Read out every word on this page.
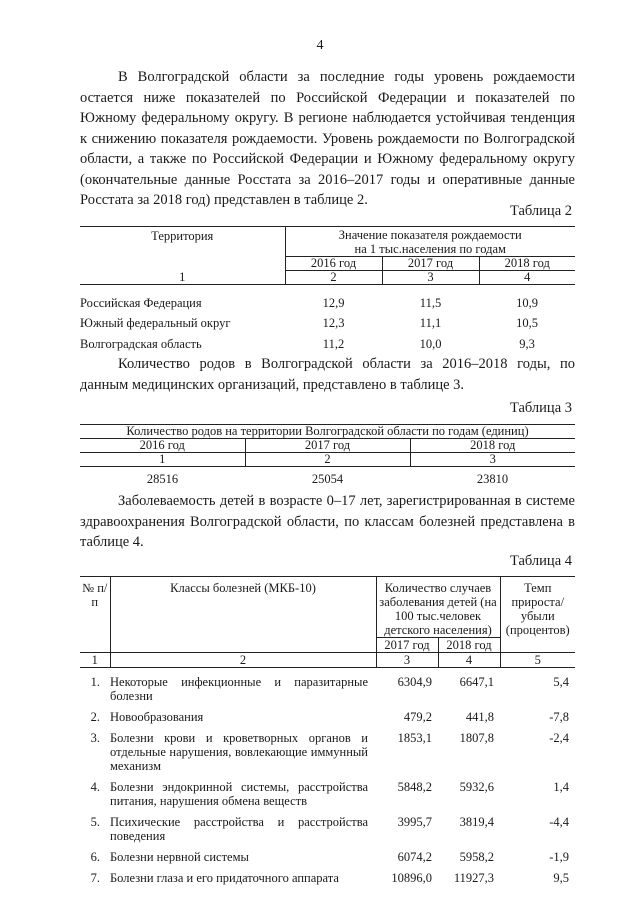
4

В Волгоградской области за последние годы уровень рождаемости остается ниже показателей по Российской Федерации и показателей по Южному федеральному округу. В регионе наблюдается устойчивая тенденция к снижению показателя рождаемости. Уровень рождаемости по Волгоградской области, а также по Российской Федерации и Южному федеральному округу (окончательные данные Росстата за 2016–2017 годы и оперативные данные Росстата за 2018 год) представлен в таблице 2.

Таблица 2
Территория	Значение показателя рождаемости
на 1 тыс.населения по годам		

	2016 год	2017 год	2018 год
1	2	3	4
Российская Федерация	12,9	11,5	10,9
Южный федеральный округ	12,3	11,1	10,5
Волгоградская область	11,2	10,0	9,3

Количество родов в Волгоградской области за 2016–2018 годы, по данным медицинских организаций, представлено в таблице 3.

Таблица 3
Количество родов на территории Волгоградской области по годам (единиц)		
2016 год	2017 год	2018 год
1	2	3
28516	25054	23810

Заболеваемость детей в возрасте 0–17 лет, зарегистрированная в системе здравоохранения Волгоградской области, по классам болезней представлена в таблице 4.

Таблица 4
№ п/п	Классы болезней (МКБ-10)	Количество случаев заболевания детей (на 100 тыс.человек детского населения)		Темп прироста/ убыли (процентов)
		2017 год	2018 год	
1	2	3	4	5
1.	Некоторые инфекционные и паразитарные болезни	6304,9	6647,1	5,4
2.	Новообразования	479,2	441,8	-7,8
3.	Болезни крови и кроветворных органов и отдельные нарушения, вовлекающие иммунный механизм	1853,1	1807,8	-2,4
4.	Болезни эндокринной системы, расстройства питания, нарушения обмена веществ	5848,2	5932,6	1,4
5.	Психические расстройства и расстройства поведения	3995,7	3819,4	-4,4
6.	Болезни нервной системы	6074,2	5958,2	-1,9
7.	Болезни глаза и его придаточного аппарата	10896,0	11927,3	9,5
